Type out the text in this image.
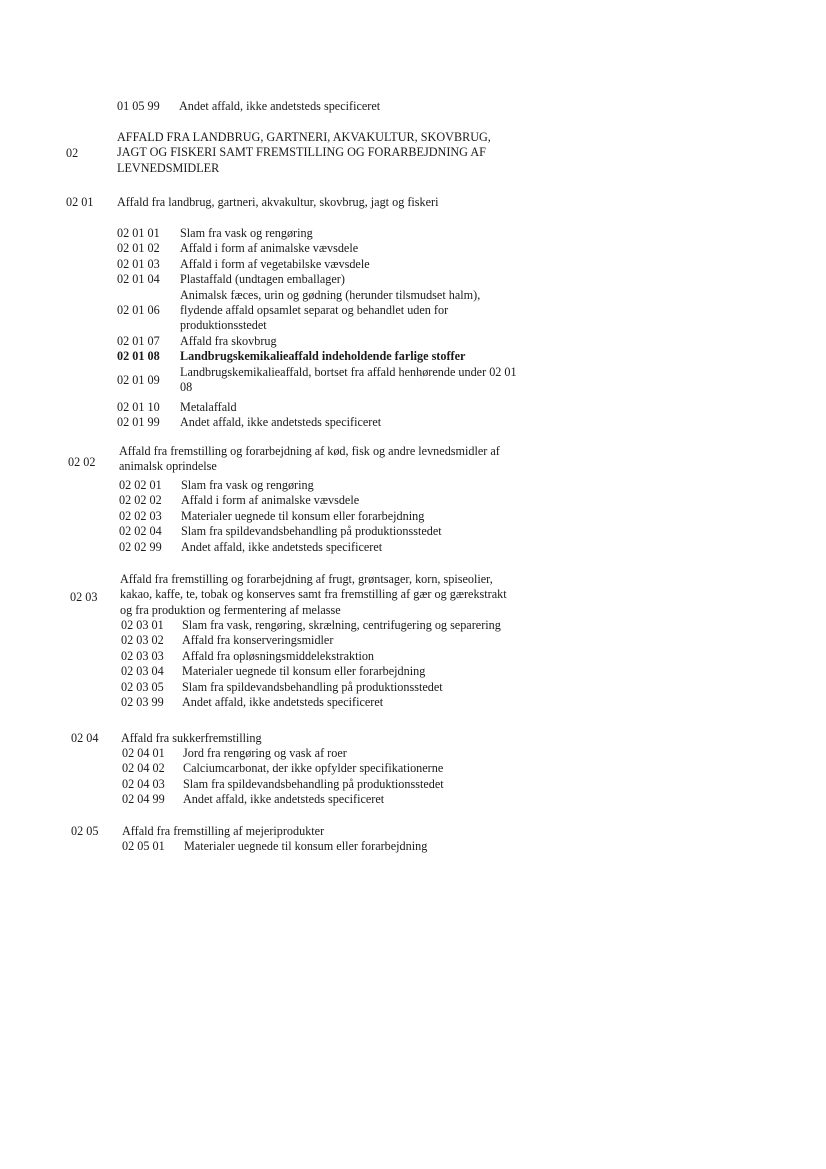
01 05 99 Andet affald, ikke andetsteds specificeret
02
AFFALD FRA LANDBRUG, GARTNERI, AKVAKULTUR, SKOVBRUG,
JAGT OG FISKERI SAMT FREMSTILLING OG FORARBEJDNING AF
LEVNEDSMIDLER
02 01 Affald fra landbrug, gartneri, akvakultur, skovbrug, jagt og fiskeri
02 01 01 Slam fra vask og rengøring
02 01 02 Affald i form af animalske vævsdele
02 01 03 Affald i form af vegetabilske vævsdele
02 01 04 Plastaffald (undtagen emballager)
02 01 06
Animalsk fæces, urin og gødning (herunder tilsmudset halm),
flydende affald opsamlet separat og behandlet uden for
produktionsstedet
02 01 07 Affald fra skovbrug
02 01 08 Landbrugskemikalieaffald indeholdende farlige stoffer
02 01 09
Landbrugskemikalieaffald, bortset fra affald henhørende under 02 01
08
02 01 10 Metalaffald
02 01 99 Andet affald, ikke andetsteds specificeret
02 02
Affald fra fremstilling og forarbejdning af kød, fisk og andre levnedsmidler af
animalsk oprindelse
02 02 01 Slam fra vask og rengøring
02 02 02 Affald i form af animalske vævsdele
02 02 03 Materialer uegnede til konsum eller forarbejdning
02 02 04 Slam fra spildevandsbehandling på produktionsstedet
02 02 99 Andet affald, ikke andetsteds specificeret
02 03
Affald fra fremstilling og forarbejdning af frugt, grøntsager, korn, spiseolier,
kakao, kaffe, te, tobak og konserves samt fra fremstilling af gær og gærekstrakt
og fra produktion og fermentering af melasse
02 03 01 Slam fra vask, rengøring, skrælning, centrifugering og separering
02 03 02 Affald fra konserveringsmidler
02 03 03 Affald fra opløsningsmiddelekstraktion
02 03 04 Materialer uegnede til konsum eller forarbejdning
02 03 05 Slam fra spildevandsbehandling på produktionsstedet
02 03 99 Andet affald, ikke andetsteds specificeret
02 04 Affald fra sukkerfremstilling
02 04 01 Jord fra rengøring og vask af roer
02 04 02 Calciumcarbonat, der ikke opfylder specifikationerne
02 04 03 Slam fra spildevandsbehandling på produktionsstedet
02 04 99 Andet affald, ikke andetsteds specificeret
02 05 Affald fra fremstilling af mejeriprodukter
02 05 01 Materialer uegnede til konsum eller forarbejdning
